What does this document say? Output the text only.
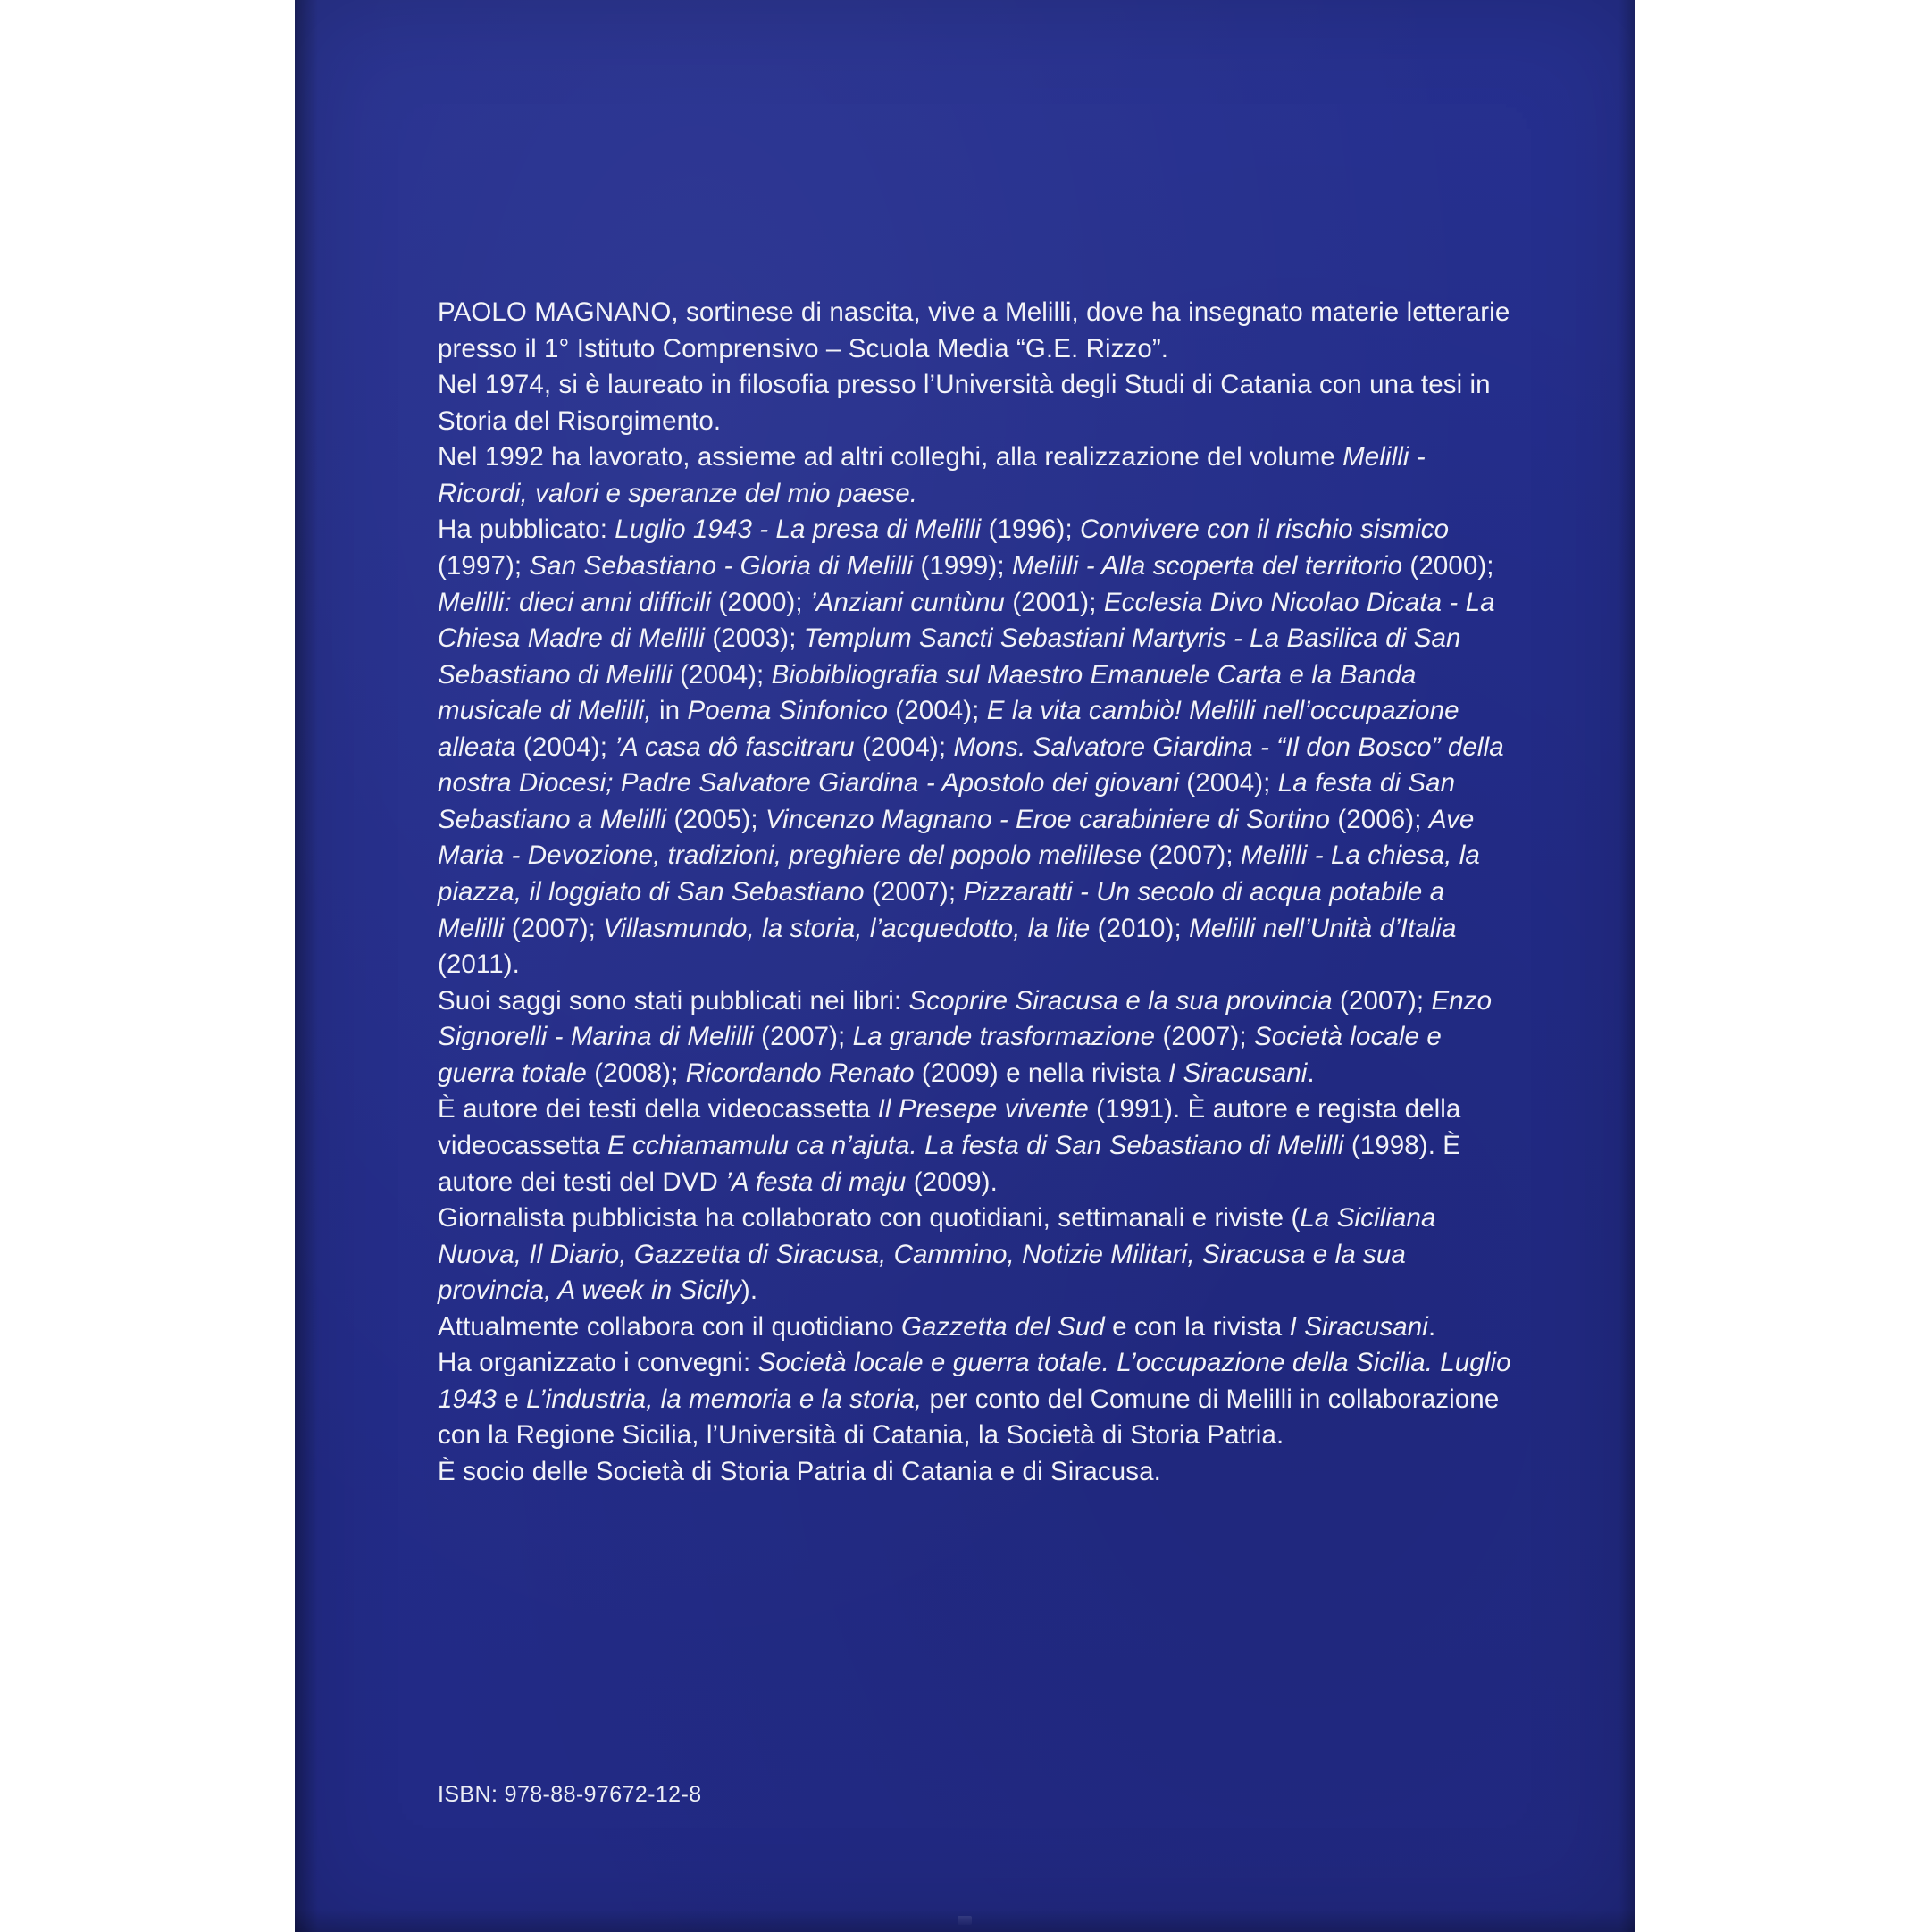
PAOLO MAGNANO, sortinese di nascita, vive a Melilli, dove ha insegnato materie letterarie presso il 1° Istituto Comprensivo – Scuola Media “G.E. Rizzo”.

Nel 1974, si è laureato in filosofia presso l’Università degli Studi di Catania con una tesi in Storia del Risorgimento.

Nel 1992 ha lavorato, assieme ad altri colleghi, alla realizzazione del volume Melilli - Ricordi, valori e speranze del mio paese.

Ha pubblicato: Luglio 1943 - La presa di Melilli (1996); Convivere con il rischio sismico (1997); San Sebastiano - Gloria di Melilli (1999); Melilli - Alla scoperta del territorio (2000); Melilli: dieci anni difficili (2000); ’Anziani cuntùnu (2001); Ecclesia Divo Nicolao Dicata - La Chiesa Madre di Melilli (2003); Templum Sancti Sebastiani Martyris - La Basilica di San Sebastiano di Melilli (2004); Biobibliografia sul Maestro Emanuele Carta e la Banda musicale di Melilli, in Poema Sinfonico (2004); E la vita cambiò! Melilli nell’occupazione alleata (2004); ’A casa dô fascitraru (2004); Mons. Salvatore Giardina - “Il don Bosco” della nostra Diocesi; Padre Salvatore Giardina - Apostolo dei giovani (2004); La festa di San Sebastiano a Melilli (2005); Vincenzo Magnano - Eroe carabiniere di Sortino (2006); Ave Maria - Devozione, tradizioni, preghiere del popolo melillese (2007); Melilli - La chiesa, la piazza, il loggiato di San Sebastiano (2007); Pizzaratti - Un secolo di acqua potabile a Melilli (2007); Villasmundo, la storia, l’acquedotto, la lite (2010); Melilli nell’Unità d’Italia (2011).

Suoi saggi sono stati pubblicati nei libri: Scoprire Siracusa e la sua provincia (2007); Enzo Signorelli - Marina di Melilli (2007); La grande trasformazione (2007); Società locale e guerra totale (2008); Ricordando Renato (2009) e nella rivista I Siracusani.

È autore dei testi della videocassetta Il Presepe vivente (1991). È autore e regista della videocassetta E cchiamamulu ca n’ajuta. La festa di San Sebastiano di Melilli (1998). È autore dei testi del DVD ’A festa di maju (2009).

Giornalista pubblicista ha collaborato con quotidiani, settimanali e riviste (La Siciliana Nuova, Il Diario, Gazzetta di Siracusa, Cammino, Notizie Militari, Siracusa e la sua provincia, A week in Sicily).

Attualmente collabora con il quotidiano Gazzetta del Sud e con la rivista I Siracusani.

Ha organizzato i convegni: Società locale e guerra totale. L’occupazione della Sicilia. Luglio 1943 e L’industria, la memoria e la storia, per conto del Comune di Melilli in collaborazione con la Regione Sicilia, l’Università di Catania, la Società di Storia Patria.

È socio delle Società di Storia Patria di Catania e di Siracusa.

ISBN: 978-88-97672-12-8
